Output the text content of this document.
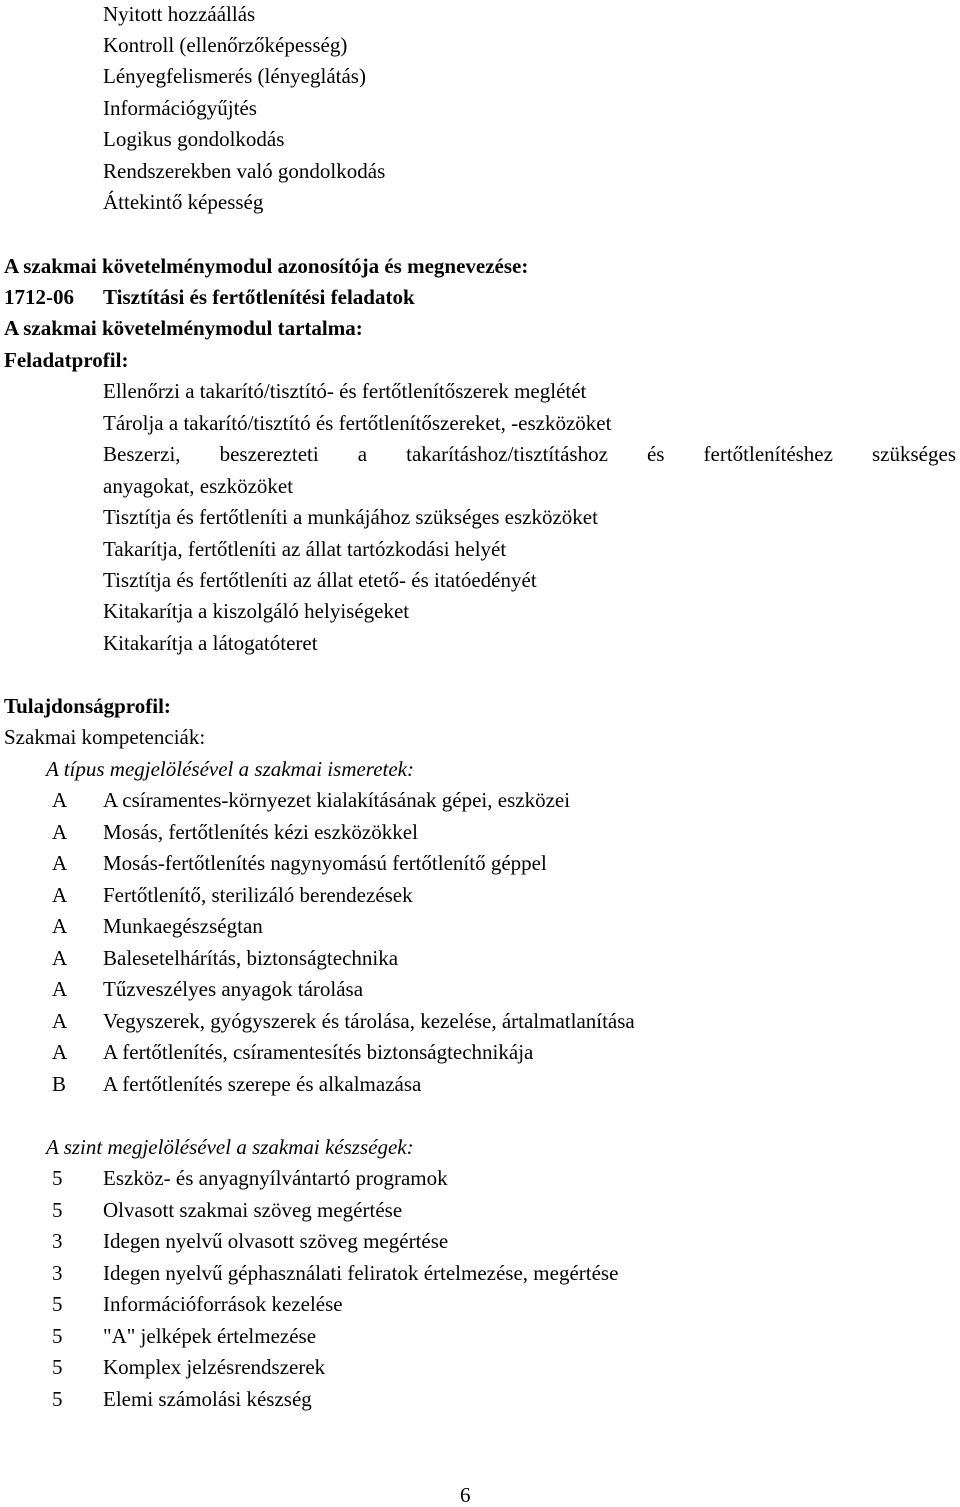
Nyitott hozzáállás
Kontroll (ellenőrzőképesség)
Lényegfelismerés (lényeglátás)
Információgyűjtés
Logikus gondolkodás
Rendszerekben való gondolkodás
Áttekintő képesség
A szakmai követelménymodul azonosítója és megnevezése:
1712-06 Tisztítási és fertőtlenítési feladatok
A szakmai követelménymodul tartalma:
Feladatprofil:
Ellenőrzi a takarító/tisztító- és fertőtlenítőszerek meglétét
Tárolja a takarító/tisztító és fertőtlenítőszereket, -eszközöket
Beszerzi, beszerezteti a takarításhoz/tisztításhoz és fertőtlenítéshez szükséges
anyagokat, eszközöket
Tisztítja és fertőtleníti a munkájához szükséges eszközöket
Takarítja, fertőtleníti az állat tartózkodási helyét
Tisztítja és fertőtleníti az állat etető- és itatóedényét
Kitakarítja a kiszolgáló helyiségeket
Kitakarítja a látogatóteret
Tulajdonságprofil:
Szakmai kompetenciák:
A típus megjelölésével a szakmai ismeretek:
A	A csíramentes-környezet kialakításának gépei, eszközei
A	Mosás, fertőtlenítés kézi eszközökkel
A	Mosás-fertőtlenítés nagynyomású fertőtlenítő géppel
A	Fertőtlenítő, sterilizáló berendezések
A	Munkaegészségtan
A	Balesetelhárítás, biztonságtechnika
A	Tűzveszélyes anyagok tárolása
A	Vegyszerek, gyógyszerek és tárolása, kezelése, ártalmatlanítása
A	A fertőtlenítés, csíramentesítés biztonságtechnikája
B	A fertőtlenítés szerepe és alkalmazása
A szint megjelölésével a szakmai készségek:
5	Eszköz- és anyagnyílvántartó programok
5	Olvasott szakmai szöveg megértése
3	Idegen nyelvű olvasott szöveg megértése
3	Idegen nyelvű géphasználati feliratok értelmezése, megértése
5	Információforrások kezelése
5	"A" jelképek értelmezése
5	Komplex jelzésrendszerek
5	Elemi számolási készség
6
